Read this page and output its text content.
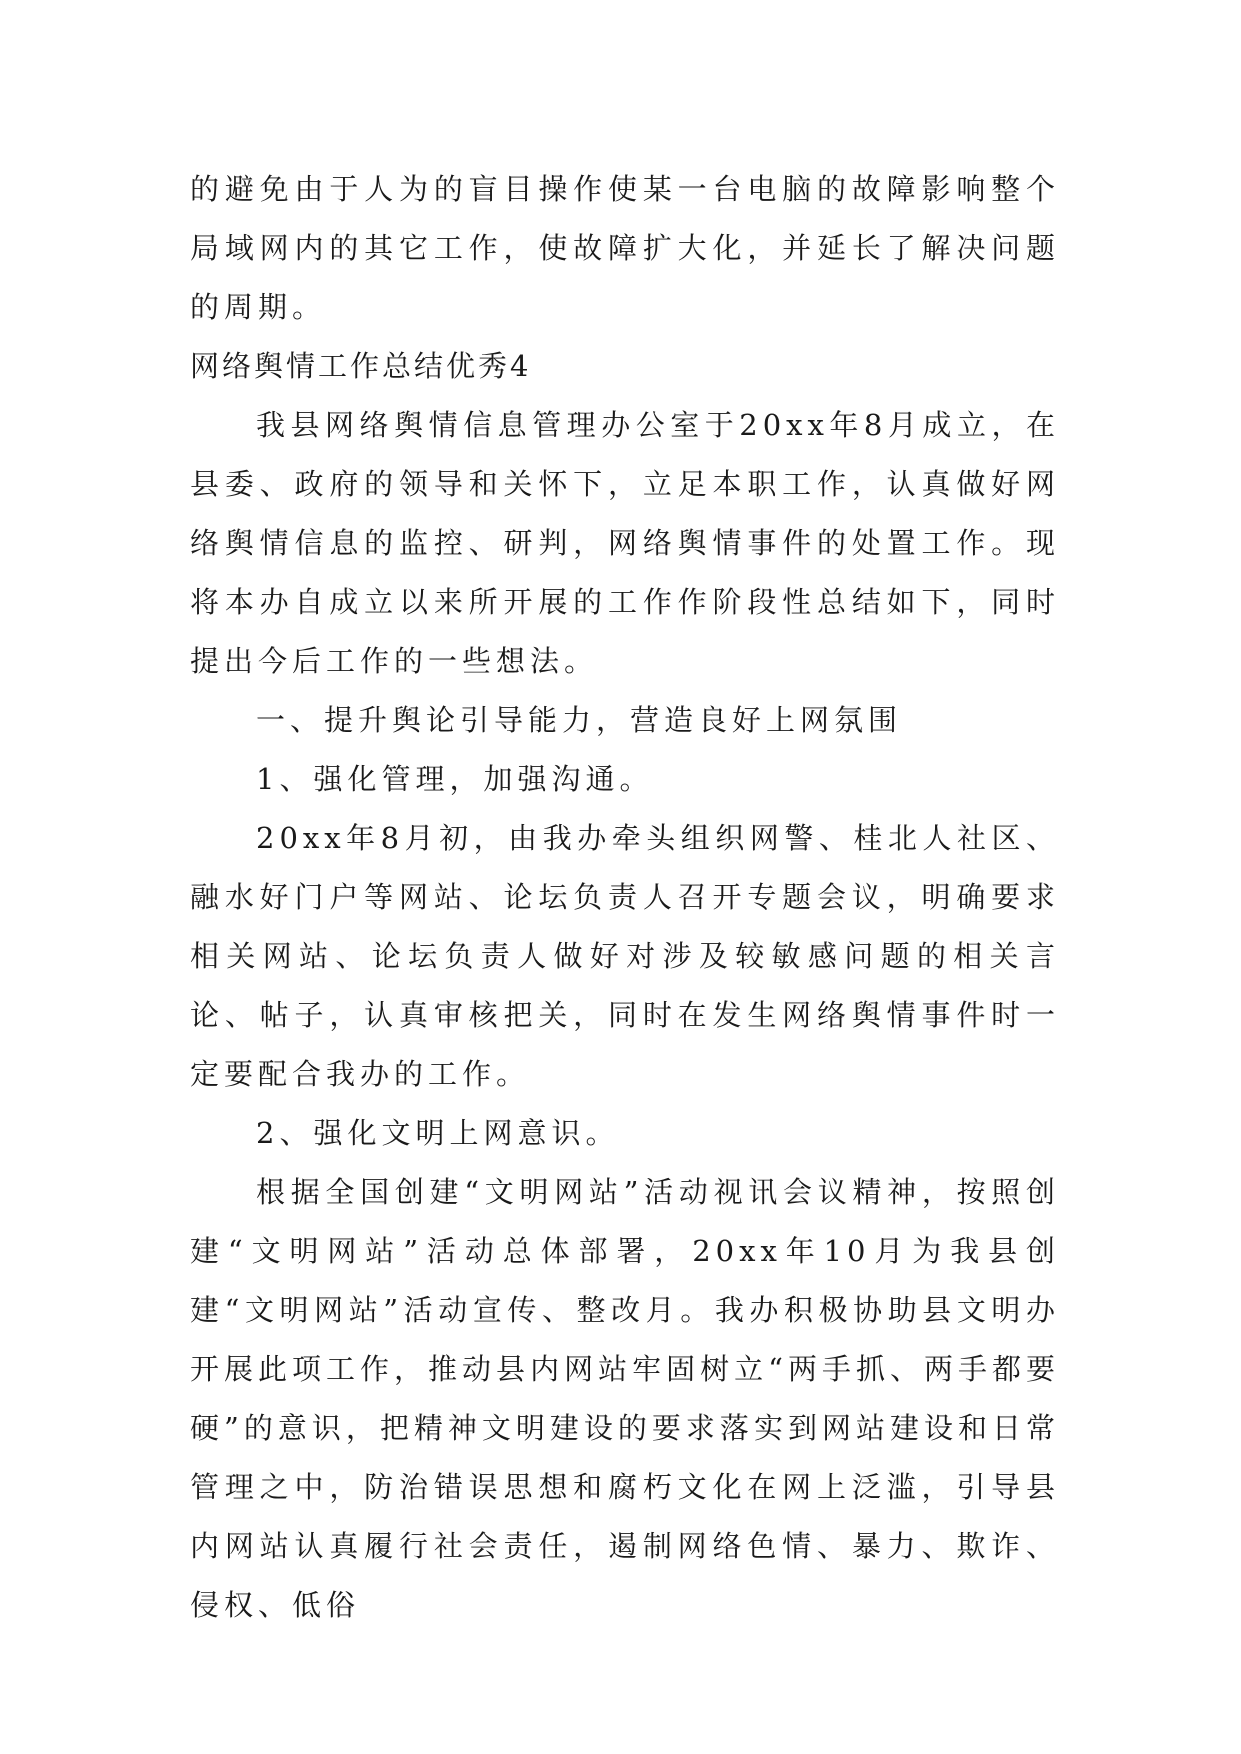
的避免由于人为的盲目操作使某一台电脑的故障影响整个局域网内的其它工作，使故障扩大化，并延长了解决问题的周期。

网络舆情工作总结优秀4

我县网络舆情信息管理办公室于20xx年8月成立，在县委、政府的领导和关怀下，立足本职工作，认真做好网络舆情信息的监控、研判，网络舆情事件的处置工作。现将本办自成立以来所开展的工作作阶段性总结如下，同时提出今后工作的一些想法。

一、提升舆论引导能力，营造良好上网氛围

1、强化管理，加强沟通。

20xx年8月初，由我办牵头组织网警、桂北人社区、融水好门户等网站、论坛负责人召开专题会议，明确要求相关网站、论坛负责人做好对涉及较敏感问题的相关言论、帖子，认真审核把关，同时在发生网络舆情事件时一定要配合我办的工作。

2、强化文明上网意识。

根据全国创建“文明网站”活动视讯会议精神，按照创建“文明网站”活动总体部署，20xx年10月为我县创建“文明网站”活动宣传、整改月。我办积极协助县文明办开展此项工作，推动县内网站牢固树立“两手抓、两手都要硬”的意识，把精神文明建设的要求落实到网站建设和日常管理之中，防治错误思想和腐朽文化在网上泛滥，引导县内网站认真履行社会责任，遏制网络色情、暴力、欺诈、侵权、低俗
